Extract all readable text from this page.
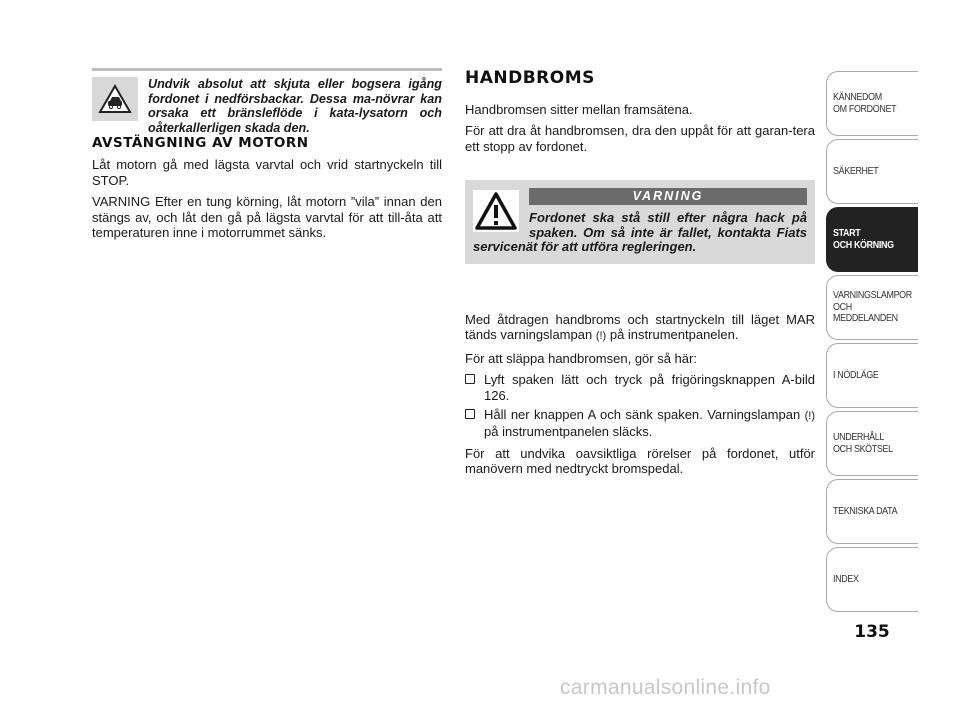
Undvik absolut att skjuta eller bogsera igång fordonet i nedförsbackar. Dessa ma-növrar kan orsaka ett bränsleflöde i kata-lysatorn och oåterkallerligen skada den.

AVSTÄNGNING AV MOTORN

Låt motorn gå med lägsta varvtal och vrid startnyckeln till STOP.

VARNING Efter en tung körning, låt motorn ”vila” innan den stängs av, och låt den gå på lägsta varvtal för att till-åta att temperaturen inne i motorrummet sänks.

HANDBROMS

Handbromsen sitter mellan framsätena.

För att dra åt handbromsen, dra den uppåt för att garan-tera ett stopp av fordonet.

VARNING

Fordonet ska stå still efter några hack på spaken. Om så inte är fallet, kontakta Fiats servicenät för att utföra regleringen.

Med åtdragen handbroms och startnyckeln till läget MAR tänds varningslampan (!) på instrumentpanelen.

För att släppa handbromsen, gör så här:

Lyft spaken lätt och tryck på frigöringsknappen A-bild 126.
Håll ner knappen A och sänk spaken. Varningslampan (!) på instrumentpanelen släcks.

För att undvika oavsiktliga rörelser på fordonet, utför manövern med nedtryckt bromspedal.

KÄNNEDOM
OM FORDONET
SÄKERHET
START
OCH KÖRNING
VARNINGSLAMPOR
OCH
MEDDELANDEN
I NÖDLÄGE
UNDERHÅLL
OCH SKÖTSEL
TEKNISKA DATA
INDEX
135
carmanualsonline.info
